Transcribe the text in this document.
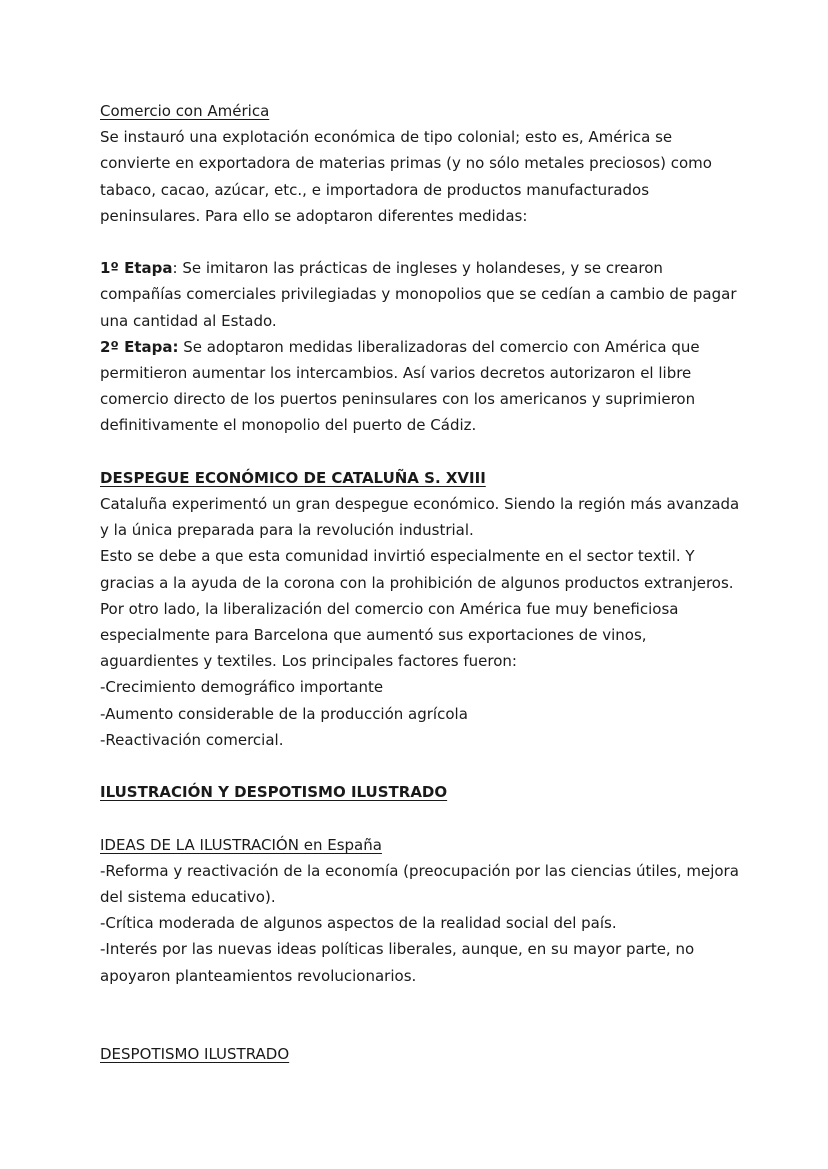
Comercio con América

Se instauró una explotación económica de tipo colonial; esto es, América se convierte en exportadora de materias primas (y no sólo metales preciosos) como tabaco, cacao, azúcar, etc., e importadora de productos manufacturados peninsulares. Para ello se adoptaron diferentes medidas:

1º Etapa: Se imitaron las prácticas de ingleses y holandeses, y se crearon compañías comerciales privilegiadas y monopolios que se cedían a cambio de pagar una cantidad al Estado.

2º Etapa: Se adoptaron medidas liberalizadoras del comercio con América que permitieron aumentar los intercambios. Así varios decretos autorizaron el libre comercio directo de los puertos peninsulares con los americanos y suprimieron definitivamente el monopolio del puerto de Cádiz.

DESPEGUE ECONÓMICO DE CATALUÑA S. XVIII

Cataluña experimentó un gran despegue económico. Siendo la región más avanzada y la única preparada para la revolución industrial.

Esto se debe a que esta comunidad invirtió especialmente en el sector textil. Y gracias a la ayuda de la corona con la prohibición de algunos productos extranjeros.

Por otro lado, la liberalización del comercio con América fue muy beneficiosa especialmente para Barcelona que aumentó sus exportaciones de vinos, aguardientes y textiles. Los principales factores fueron:

-Crecimiento demográfico importante

-Aumento considerable de la producción agrícola

-Reactivación comercial.

ILUSTRACIÓN Y DESPOTISMO ILUSTRADO

IDEAS DE LA ILUSTRACIÓN en España

-Reforma y reactivación de la economía (preocupación por las ciencias útiles, mejora del sistema educativo).

-Crítica moderada de algunos aspectos de la realidad social del país.

-Interés por las nuevas ideas políticas liberales, aunque, en su mayor parte, no apoyaron planteamientos revolucionarios.

DESPOTISMO ILUSTRADO
